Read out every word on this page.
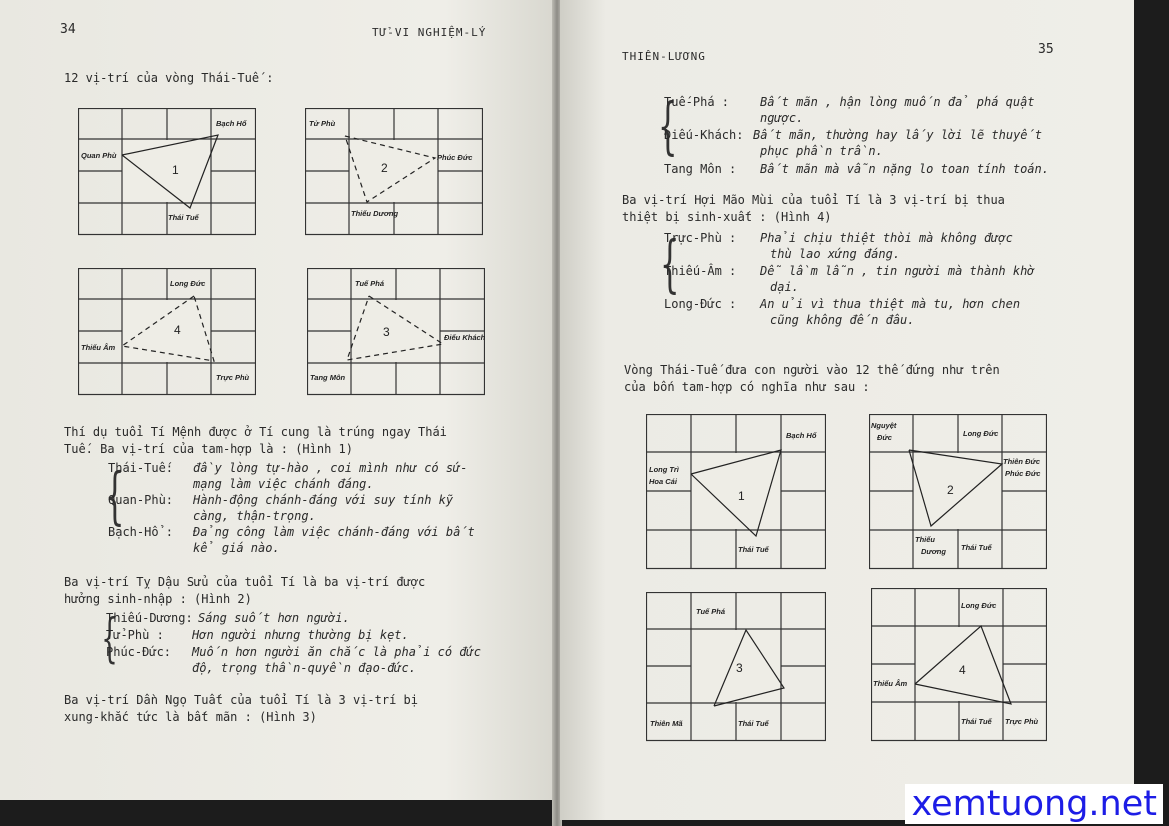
34	TỬ-VI NGHIỆM-LÝ
12 vị-trí của vòng Thái-Tuế :
Bạch Hổ
Quan Phù
Thái Tuế
1
Tử Phù
Phúc Đức
Thiếu Dương
2
Long Đức
Thiếu Âm
Trực Phù
4
Tuế Phá
Điếu Khách
Tang Môn
3
Thí dụ tuổi Tí Mệnh được ở Tí cung là trúng ngay Thái
Tuế. Ba vị-trí của tam-hợp là : (Hình 1)
{
Thái-Tuế: đầy lòng tự-hào , coi mình như có sứ-
mạng làm việc chánh đáng.
Quan-Phù: Hành-động chánh-đáng với suy tính kỹ
càng, thận-trọng.
Bạch-Hổ : Đảng công làm việc chánh-đáng với bất
kể giá nào.
Ba vị-trí Tỵ Dậu Sửu của tuổi Tí là ba vị-trí được
hưởng sinh-nhập : (Hình 2)
{
Thiếu-Dương: Sáng suốt hơn người.
Tử-Phù : Hơn người nhưng thường bị kẹt.
Phúc-Đức: Muốn hơn người ăn chắc là phải có đức
độ, trọng thần-quyền đạo-đức.
Ba vị-trí Dần Ngọ Tuất của tuổi Tí là 3 vị-trí bị
xung-khắc tức là bất mãn : (Hình 3)
THIÊN-LƯƠNG	35
{
Tuế-Phá :	Bất mãn , hận lòng muốn đả phá quật
ngược.
Điếu-Khách: Bất mãn, thường hay lấy lời lẽ thuyết
phục phần trần.
Tang Môn : Bất mãn mà vẫn nặng lo toan tính toán.
Ba vị-trí Hợi Mão Mùi của tuổi Tí là 3 vị-trí bị thua
thiệt bị sinh-xuất : (Hình 4)
{
Trực-Phù : Phải chịu thiệt thòi mà không được
thù lao xứng đáng.
Thiếu-Âm : Dễ lầm lẫn , tin người mà thành khờ
dại.
Long-Đức : An ủi vì thua thiệt mà tu, hơn chen
cũng không đến đâu.
Vòng Thái-Tuế đưa con người vào 12 thế đứng như trên
của bốn tam-hợp có nghĩa như sau :
Bạch Hổ
Long Trì
Hoa Cái
Thái Tuế
1
Nguyệt
Đức	Long Đức
Thiên Đức
Phúc Đức
Thiếu
Dương Thái Tuế
2
Tuế Phá
Thiên Mã	Thái Tuế
3
Long Đức
Thiếu Âm
Thái Tuế Trực Phù
4
xemtuong.net
